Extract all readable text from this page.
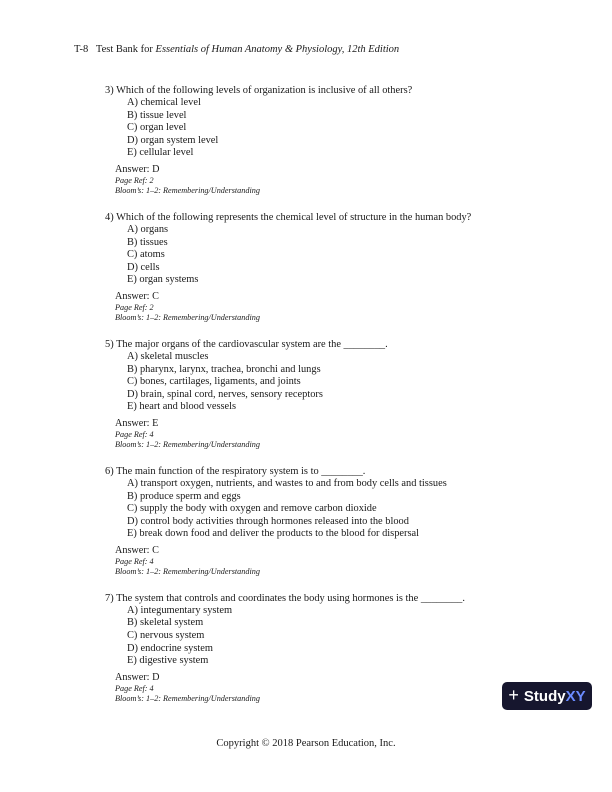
T-8 Test Bank for Essentials of Human Anatomy & Physiology, 12th Edition
3) Which of the following levels of organization is inclusive of all others?
A) chemical level
B) tissue level
C) organ level
D) organ system level
E) cellular level
Answer: D
Page Ref: 2
Bloom’s: 1–2: Remembering/Understanding
4) Which of the following represents the chemical level of structure in the human body?
A) organs
B) tissues
C) atoms
D) cells
E) organ systems
Answer: C
Page Ref: 2
Bloom’s: 1–2: Remembering/Understanding
5) The major organs of the cardiovascular system are the ________.
A) skeletal muscles
B) pharynx, larynx, trachea, bronchi and lungs
C) bones, cartilages, ligaments, and joints
D) brain, spinal cord, nerves, sensory receptors
E) heart and blood vessels
Answer: E
Page Ref: 4
Bloom’s: 1–2: Remembering/Understanding
6) The main function of the respiratory system is to ________.
A) transport oxygen, nutrients, and wastes to and from body cells and tissues
B) produce sperm and eggs
C) supply the body with oxygen and remove carbon dioxide
D) control body activities through hormones released into the blood
E) break down food and deliver the products to the blood for dispersal
Answer: C
Page Ref: 4
Bloom’s: 1–2: Remembering/Understanding
7) The system that controls and coordinates the body using hormones is the ________.
A) integumentary system
B) skeletal system
C) nervous system
D) endocrine system
E) digestive system
Answer: D
Page Ref: 4
Bloom’s: 1–2: Remembering/Understanding	+ StudyXY
Copyright © 2018 Pearson Education, Inc.
